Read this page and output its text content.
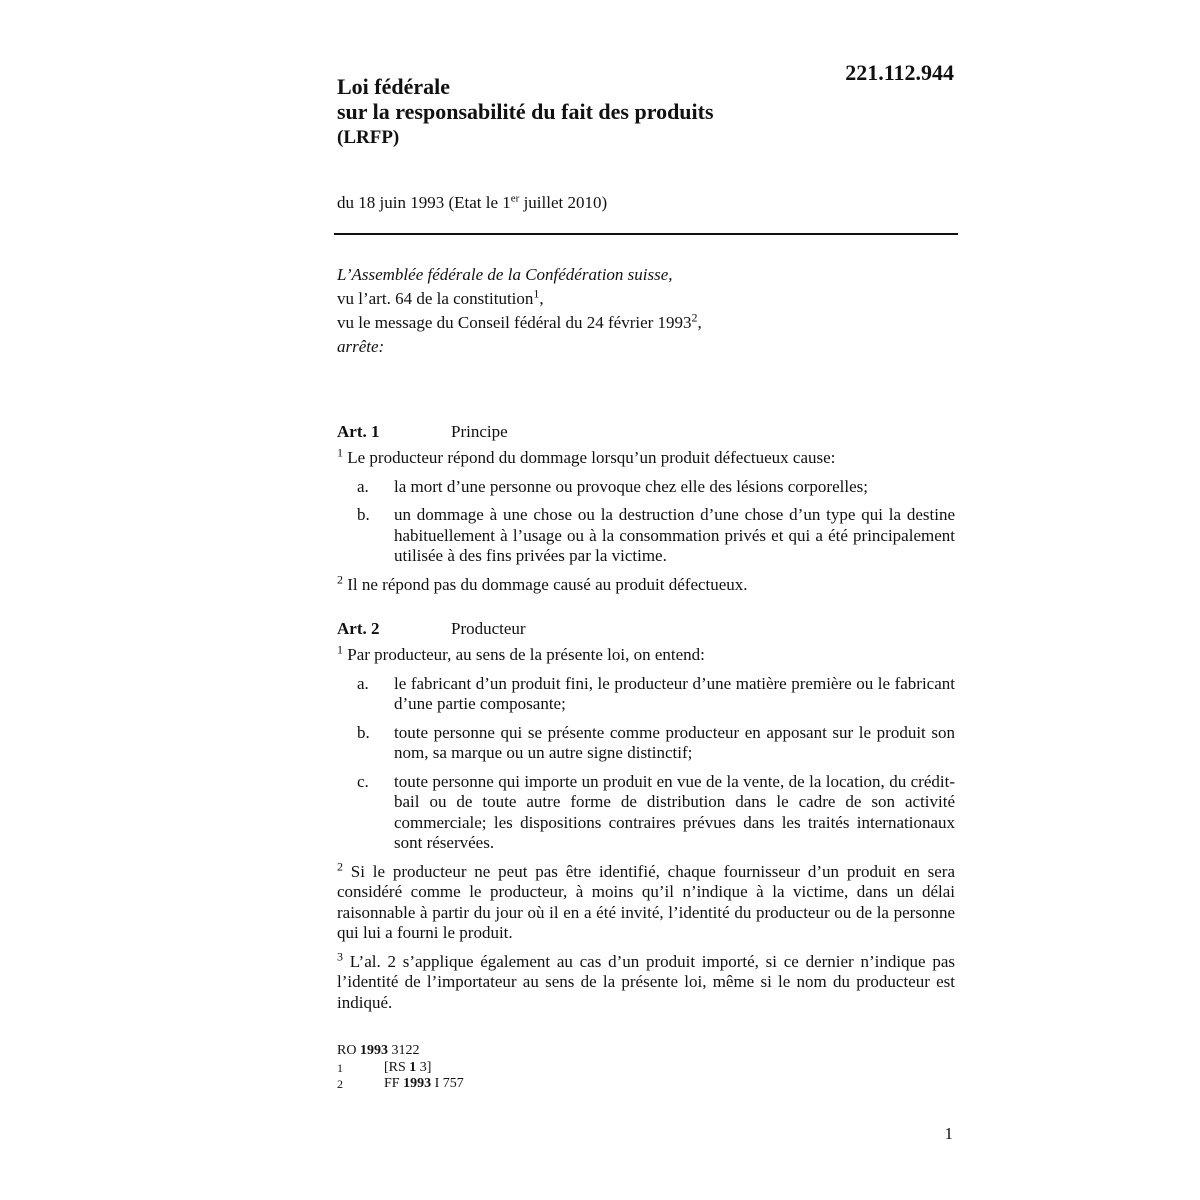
221.112.944
Loi fédérale
sur la responsabilité du fait des produits
(LRFP)
du 18 juin 1993 (Etat le 1er juillet 2010)
L’Assemblée fédérale de la Confédération suisse,
vu l’art. 64 de la constitution$^1$,
vu le message du Conseil fédéral du 24 février 1993$^2$,
arrête:
Art. 1	Principe
$^1$ Le producteur répond du dommage lorsqu’un produit défectueux cause:
a.	la mort d’une personne ou provoque chez elle des lésions corporelles;
b.	un dommage à une chose ou la destruction d’une chose d’un type qui la destine habituellement à l’usage ou à la consommation privés et qui a été principalement utilisée à des fins privées par la victime.
$^2$ Il ne répond pas du dommage causé au produit défectueux.
Art. 2	Producteur
$^1$ Par producteur, au sens de la présente loi, on entend:
a.	le fabricant d’un produit fini, le producteur d’une matière première ou le fabricant d’une partie composante;
b.	toute personne qui se présente comme producteur en apposant sur le produit son nom, sa marque ou un autre signe distinctif;
c.	toute personne qui importe un produit en vue de la vente, de la location, du crédit-bail ou de toute autre forme de distribution dans le cadre de son activité commerciale; les dispositions contraires prévues dans les traités internationaux sont réservées.
$^2$ Si le producteur ne peut pas être identifié, chaque fournisseur d’un produit en sera considéré comme le producteur, à moins qu’il n’indique à la victime, dans un délai raisonnable à partir du jour où il en a été invité, l’identité du producteur ou de la personne qui lui a fourni le produit.
$^3$ L’al. 2 s’applique également au cas d’un produit importé, si ce dernier n’indique pas l’identité de l’importateur au sens de la présente loi, même si le nom du producteur est indiqué.
RO 1993 3122
1	[RS 1 3]
2	FF 1993 I 757
1
